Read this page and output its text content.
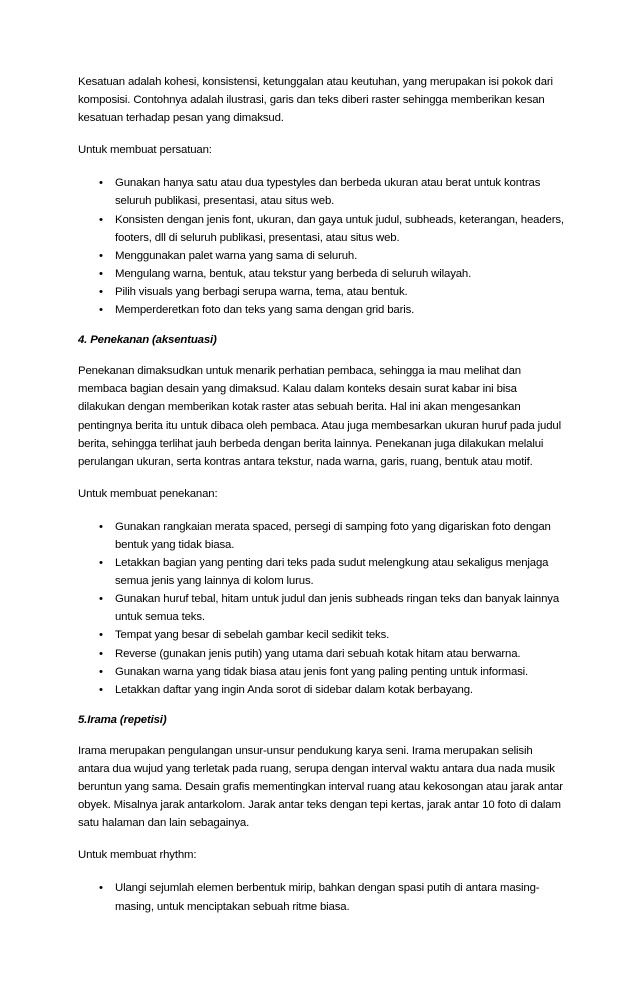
Kesatuan adalah kohesi, konsistensi, ketunggalan atau keutuhan, yang merupakan isi pokok dari komposisi. Contohnya adalah ilustrasi, garis dan teks diberi raster sehingga memberikan kesan kesatuan terhadap pesan yang dimaksud.

Untuk membuat persatuan:

•	Gunakan hanya satu atau dua typestyles dan berbeda ukuran atau berat untuk kontras seluruh publikasi, presentasi, atau situs web.
•	Konsisten dengan jenis font, ukuran, dan gaya untuk judul, subheads, keterangan, headers, footers, dll di seluruh publikasi, presentasi, atau situs web.
•	Menggunakan palet warna yang sama di seluruh.
•	Mengulang warna, bentuk, atau tekstur yang berbeda di seluruh wilayah.
•	Pilih visuals yang berbagi serupa warna, tema, atau bentuk.
•	Memperderetkan foto dan teks yang sama dengan grid baris.

4. Penekanan (aksentuasi)

Penekanan dimaksudkan untuk menarik perhatian pembaca, sehingga ia mau melihat dan membaca bagian desain yang dimaksud. Kalau dalam konteks desain surat kabar ini bisa dilakukan dengan memberikan kotak raster atas sebuah berita. Hal ini akan mengesankan pentingnya berita itu untuk dibaca oleh pembaca. Atau juga membesarkan ukuran huruf pada judul berita, sehingga terlihat jauh berbeda dengan berita lainnya. Penekanan juga dilakukan melalui perulangan ukuran, serta kontras antara tekstur, nada warna, garis, ruang, bentuk atau motif.

Untuk membuat penekanan:

•	Gunakan rangkaian merata spaced, persegi di samping foto yang digariskan foto dengan bentuk yang tidak biasa.
•	Letakkan bagian yang penting dari teks pada sudut melengkung atau sekaligus menjaga semua jenis yang lainnya di kolom lurus.
•	Gunakan huruf tebal, hitam untuk judul dan jenis subheads ringan teks dan banyak lainnya untuk semua teks.
•	Tempat yang besar di sebelah gambar kecil sedikit teks.
•	Reverse (gunakan jenis putih) yang utama dari sebuah kotak hitam atau berwarna.
•	Gunakan warna yang tidak biasa atau jenis font yang paling penting untuk informasi.
•	Letakkan daftar yang ingin Anda sorot di sidebar dalam kotak berbayang.

5.Irama (repetisi)

Irama merupakan pengulangan unsur-unsur pendukung karya seni. Irama merupakan selisih antara dua wujud yang terletak pada ruang, serupa dengan interval waktu antara dua nada musik beruntun yang sama. Desain grafis mementingkan interval ruang atau kekosongan atau jarak antar obyek. Misalnya jarak antarkolom. Jarak antar teks dengan tepi kertas, jarak antar 10 foto di dalam satu halaman dan lain sebagainya.

Untuk membuat rhythm:

•	Ulangi sejumlah elemen berbentuk mirip, bahkan dengan spasi putih di antara masing-masing, untuk menciptakan sebuah ritme biasa.
